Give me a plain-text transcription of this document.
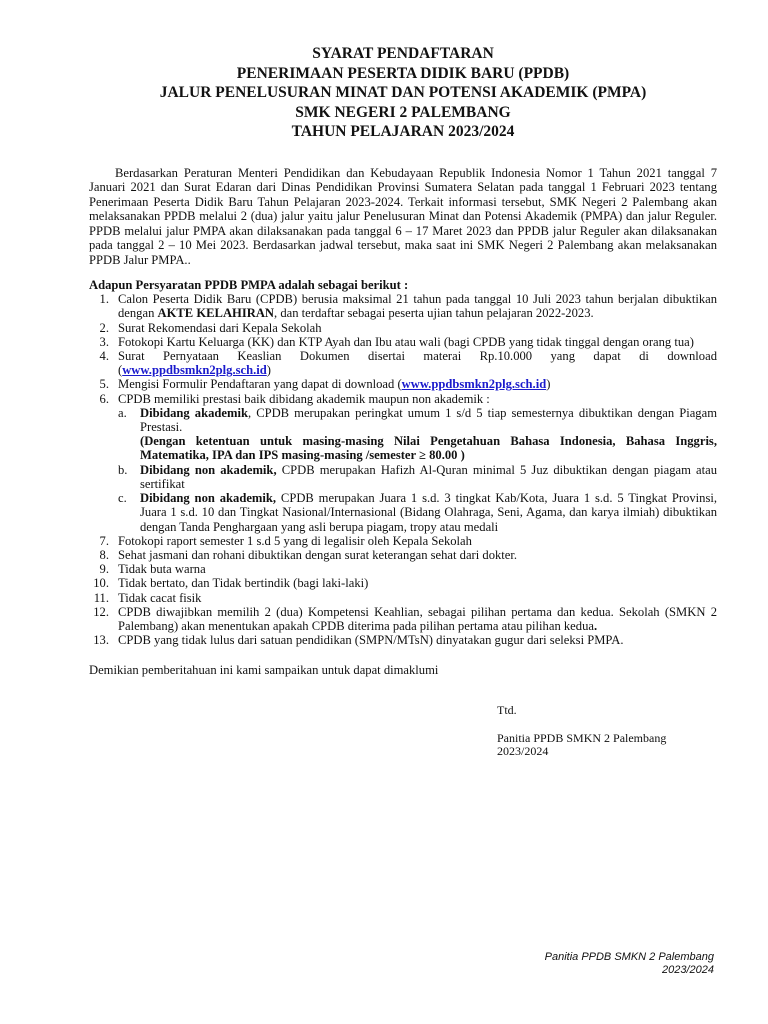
SYARAT PENDAFTARAN

PENERIMAAN PESERTA DIDIK BARU (PPDB)

JALUR PENELUSURAN MINAT DAN POTENSI AKADEMIK (PMPA)

SMK NEGERI 2 PALEMBANG

TAHUN PELAJARAN 2023/2024

Berdasarkan Peraturan Menteri Pendidikan dan Kebudayaan Republik Indonesia Nomor 1 Tahun 2021 tanggal 7 Januari 2021 dan Surat Edaran dari Dinas Pendidikan Provinsi Sumatera Selatan pada tanggal 1 Februari 2023 tentang Penerimaan Peserta Didik Baru Tahun Pelajaran 2023-2024. Terkait informasi tersebut, SMK Negeri 2 Palembang akan melaksanakan PPDB melalui 2 (dua) jalur yaitu jalur Penelusuran Minat dan Potensi Akademik (PMPA) dan jalur Reguler. PPDB melalui jalur PMPA akan dilaksanakan pada tanggal 6 – 17 Maret 2023 dan PPDB jalur Reguler akan dilaksanakan pada tanggal 2 – 10 Mei 2023. Berdasarkan jadwal tersebut, maka saat ini SMK Negeri 2 Palembang akan melaksanakan PPDB Jalur PMPA..
Adapun Persyaratan PPDB PMPA adalah sebagai berikut :
1. Calon Peserta Didik Baru (CPDB) berusia maksimal 21 tahun pada tanggal 10 Juli 2023 tahun berjalan dibuktikan dengan AKTE KELAHIRAN, dan terdaftar sebagai peserta ujian tahun pelajaran 2022-2023.
2. Surat Rekomendasi dari Kepala Sekolah
3. Fotokopi Kartu Keluarga (KK) dan KTP Ayah dan Ibu atau wali (bagi CPDB yang tidak tinggal dengan orang tua)
4. Surat Pernyataan Keaslian Dokumen disertai materai Rp.10.000 yang dapat di download (www.ppdbsmkn2plg.sch.id)
5. Mengisi Formulir Pendaftaran yang dapat di download (www.ppdbsmkn2plg.sch.id)
6. CPDB memiliki prestasi baik dibidang akademik maupun non akademik :
a. Dibidang akademik, CPDB merupakan peringkat umum 1 s/d 5 tiap semesternya dibuktikan dengan Piagam Prestasi.
(Dengan ketentuan untuk masing-masing Nilai Pengetahuan Bahasa Indonesia, Bahasa Inggris, Matematika, IPA dan IPS masing-masing /semester ≥ 80.00 )
b. Dibidang non akademik, CPDB merupakan Hafizh Al-Quran minimal 5 Juz dibuktikan dengan piagam atau sertifikat
c. Dibidang non akademik, CPDB merupakan Juara 1 s.d. 3 tingkat Kab/Kota, Juara 1 s.d. 5 Tingkat Provinsi, Juara 1 s.d. 10 dan Tingkat Nasional/Internasional (Bidang Olahraga, Seni, Agama, dan karya ilmiah) dibuktikan dengan Tanda Penghargaan yang asli berupa piagam, tropy atau medali
7. Fotokopi raport semester 1 s.d 5 yang di legalisir oleh Kepala Sekolah
8. Sehat jasmani dan rohani dibuktikan dengan surat keterangan sehat dari dokter.
9. Tidak buta warna
10. Tidak bertato, dan Tidak bertindik (bagi laki-laki)
11. Tidak cacat fisik
12. CPDB diwajibkan memilih 2 (dua) Kompetensi Keahlian, sebagai pilihan pertama dan kedua. Sekolah (SMKN 2 Palembang) akan menentukan apakah CPDB diterima pada pilihan pertama atau pilihan kedua.
13. CPDB yang tidak lulus dari satuan pendidikan (SMPN/MTsN) dinyatakan gugur dari seleksi PMPA.
Demikian pemberitahuan ini kami sampaikan untuk dapat dimaklumi
Ttd.
Panitia PPDB SMKN 2 Palembang
2023/2024
Panitia PPDB SMKN 2 Palembang
2023/2024
